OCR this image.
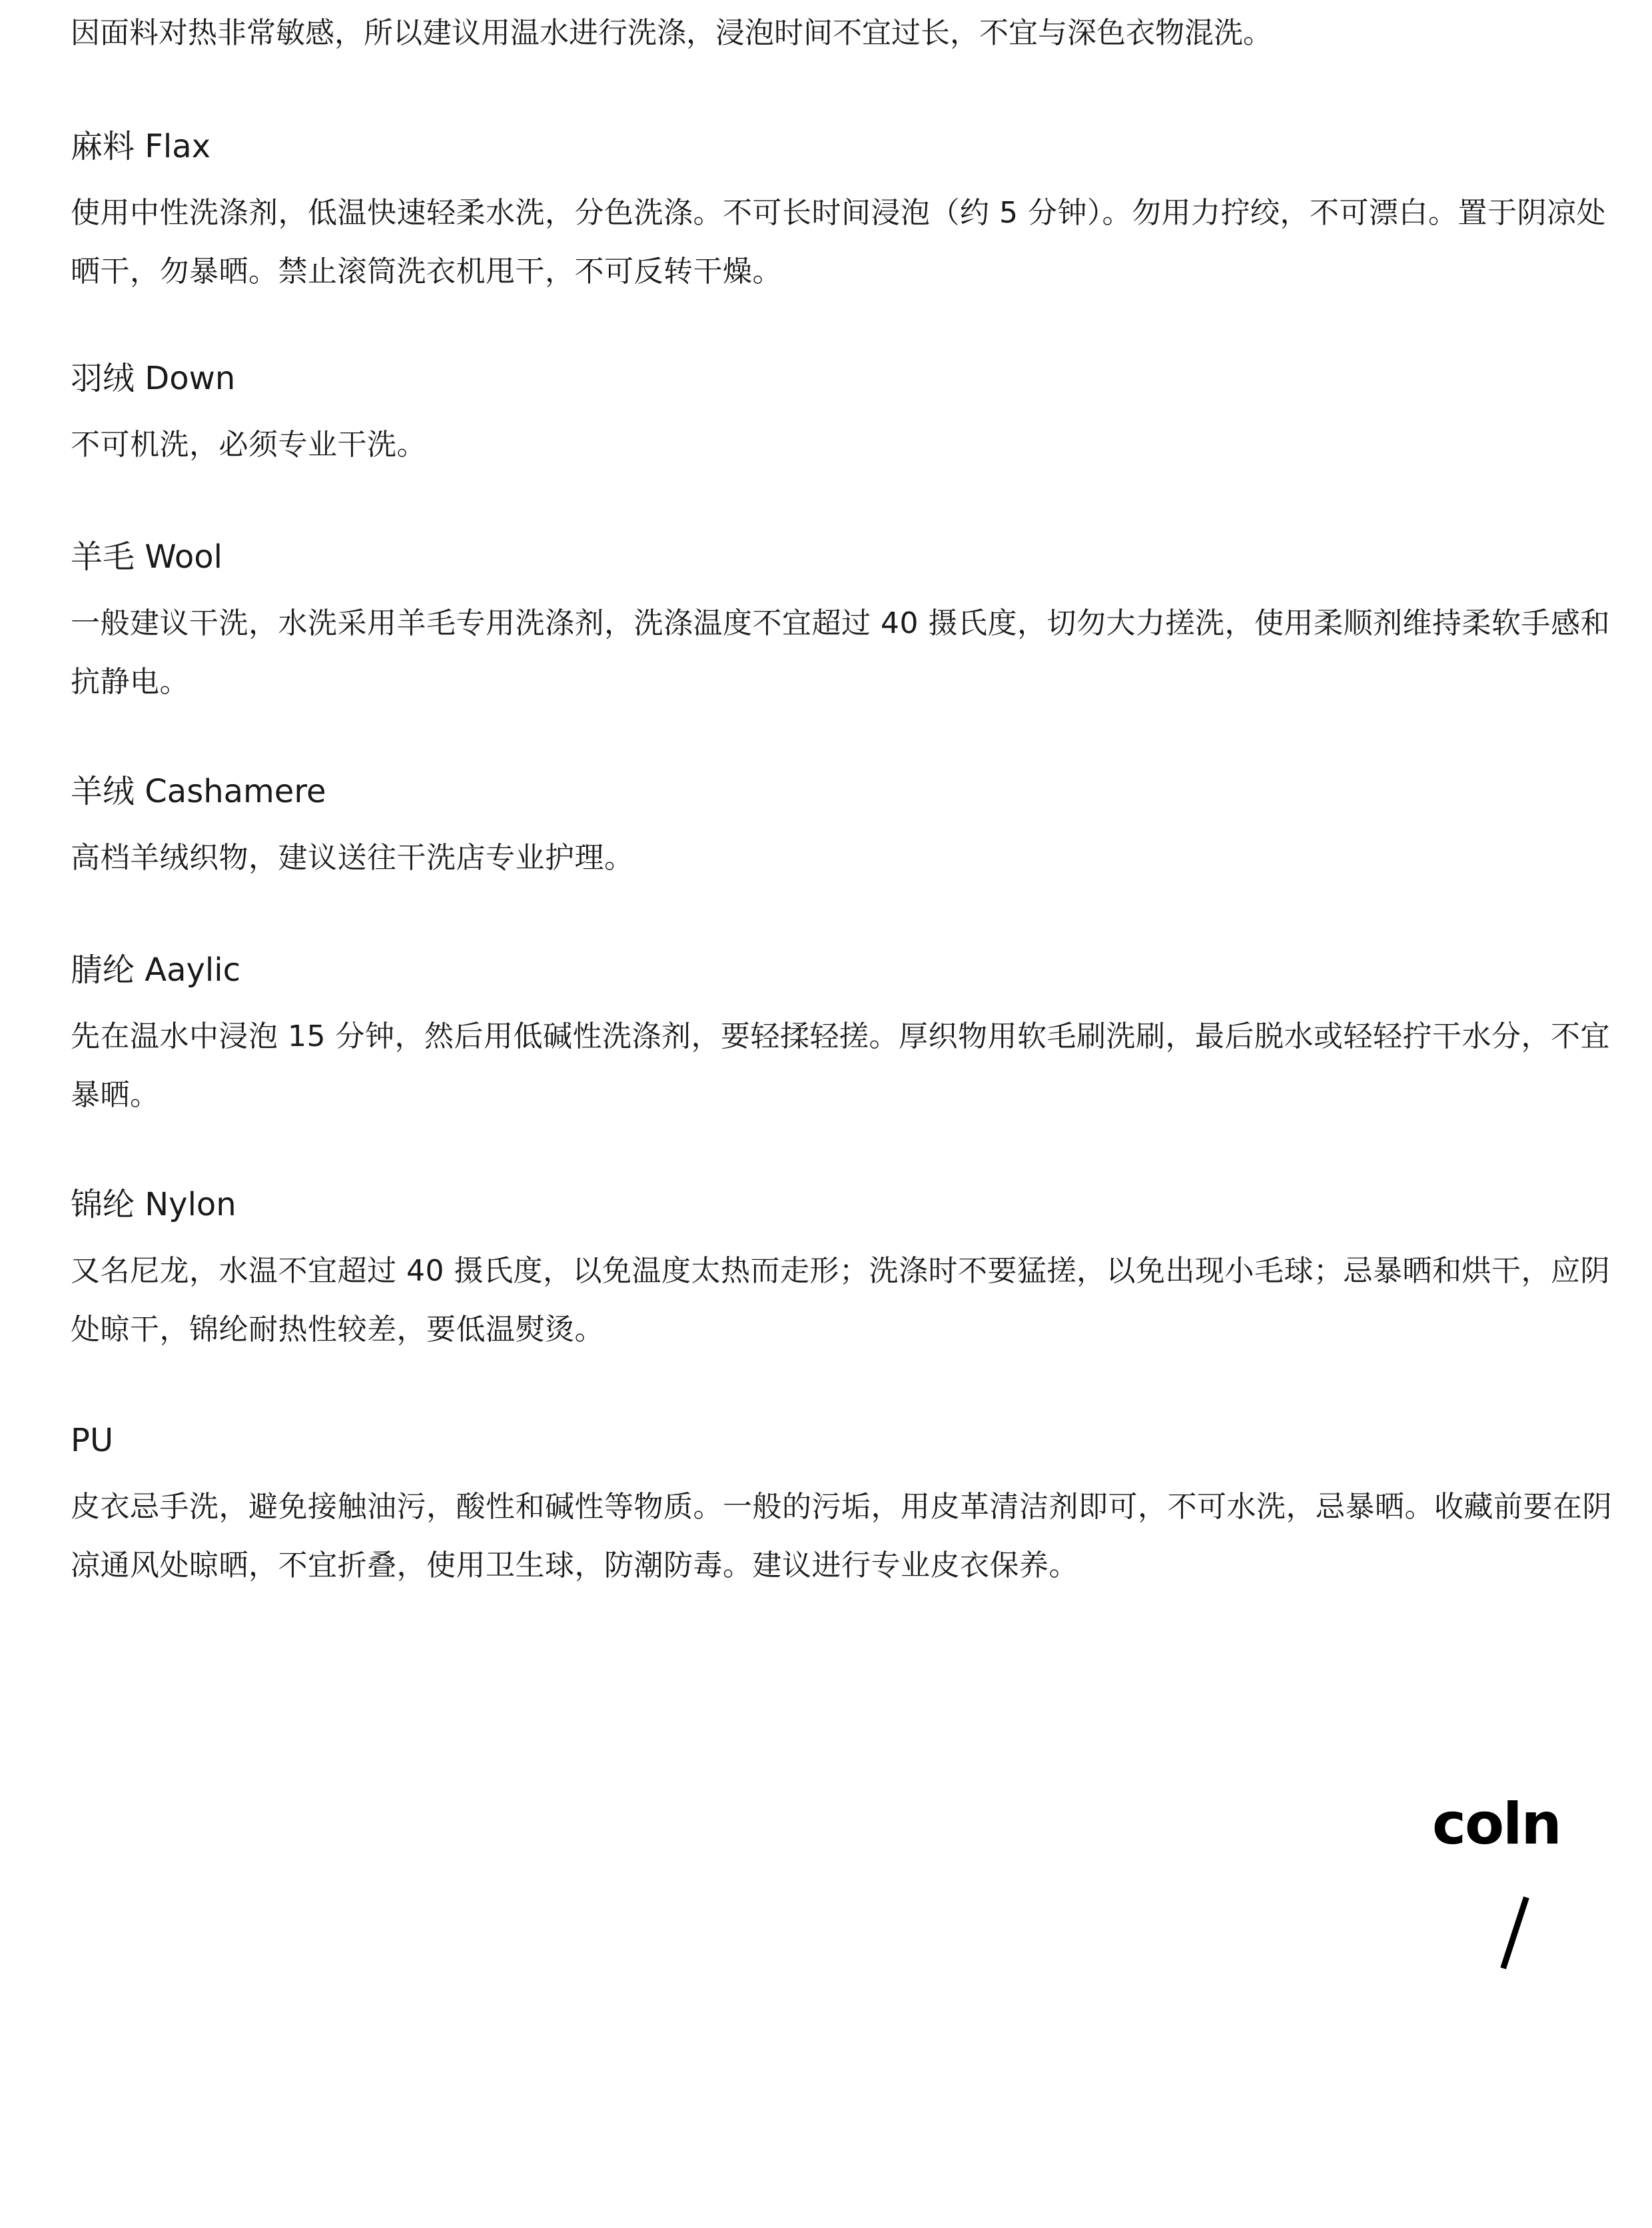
因面料对热非常敏感，所以建议用温水进行洗涤，浸泡时间不宜过长，不宜与深色衣物混洗。

麻料 Flax

使用中性洗涤剂，低温快速轻柔水洗，分色洗涤。不可长时间浸泡（约 5 分钟）。勿用力拧绞，不可漂白。置于阴凉处晒干，勿暴晒。禁止滚筒洗衣机甩干，不可反转干燥。

羽绒 Down

不可机洗，必须专业干洗。

羊毛 Wool

一般建议干洗，水洗采用羊毛专用洗涤剂，洗涤温度不宜超过 40 摄氏度，切勿大力搓洗，使用柔顺剂维持柔软手感和抗静电。

羊绒 Cashamere

高档羊绒织物，建议送往干洗店专业护理。

腈纶 Aaylic

先在温水中浸泡 15 分钟，然后用低碱性洗涤剂，要轻揉轻搓。厚织物用软毛刷洗刷，最后脱水或轻轻拧干水分，不宜暴晒。

锦纶 Nylon

又名尼龙，水温不宜超过 40 摄氏度，以免温度太热而走形；洗涤时不要猛搓，以免出现小毛球；忌暴晒和烘干，应阴处晾干，锦纶耐热性较差，要低温熨烫。

PU

皮衣忌手洗，避免接触油污，酸性和碱性等物质。一般的污垢，用皮革清洁剂即可，不可水洗，忌暴晒。收藏前要在阴凉通风处晾晒，不宜折叠，使用卫生球，防潮防毒。建议进行专业皮衣保养。

coln
